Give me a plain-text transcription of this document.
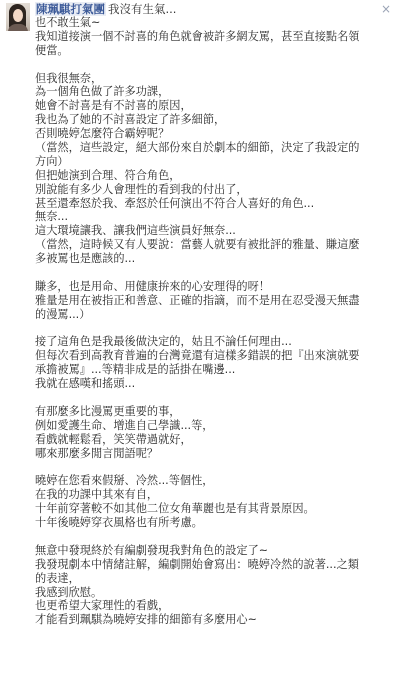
陳珮騏打氣團 我沒有生氣...
也不敢生氣~
我知道接演一個不討喜的角色就會被許多網友罵，甚至直接點名領
便當。
但我很無奈，
為一個角色做了許多功課，
她會不討喜是有不討喜的原因，
我也為了她的不討喜設定了許多細節，
否則曉婷怎麼符合霸婷呢？
（當然，這些設定，絕大部份來自於劇本的細節，決定了我設定的
方向）
但把她演到合理、符合角色，
別說能有多少人會理性的看到我的付出了，
甚至還牽怒於我、牽怒於任何演出不符合人喜好的角色...
無奈...
這大環境讓我、讓我們這些演員好無奈...
（當然，這時候又有人要說：當藝人就要有被批評的雅量、賺這麼
多被罵也是應該的...
賺多，也是用命、用健康拚來的心安理得的呀！
雅量是用在被指正和善意、正確的指謫，而不是用在忍受漫天無盡
的漫罵...）
接了這角色是我最後做決定的，姑且不論任何理由...
但每次看到高教育普遍的台灣竟還有這樣多錯誤的把『出來演就要
承擔被罵』...等精非成是的話掛在嘴邊...
我就在感嘆和搖頭...
有那麼多比漫罵更重要的事，
例如愛護生命、增進自己學識...等，
看戲就輕鬆看，笑笑帶過就好，
哪來那麼多閒言閒語呢？
曉婷在您看來假掰、冷然...等個性，
在我的功課中其來有自，
十年前穿著較不如其他二位女角華麗也是有其背景原因。
十年後曉婷穿衣風格也有所考慮。
無意中發現終於有編劇發現我對角色的設定了~
我發現劇本中情緒註解，編劇開始會寫出：曉婷冷然的說著...之類
的表達，
我感到欣慰。
也更希望大家理性的看戲，
才能看到珮騏為曉婷安排的細節有多麼用心~
×
